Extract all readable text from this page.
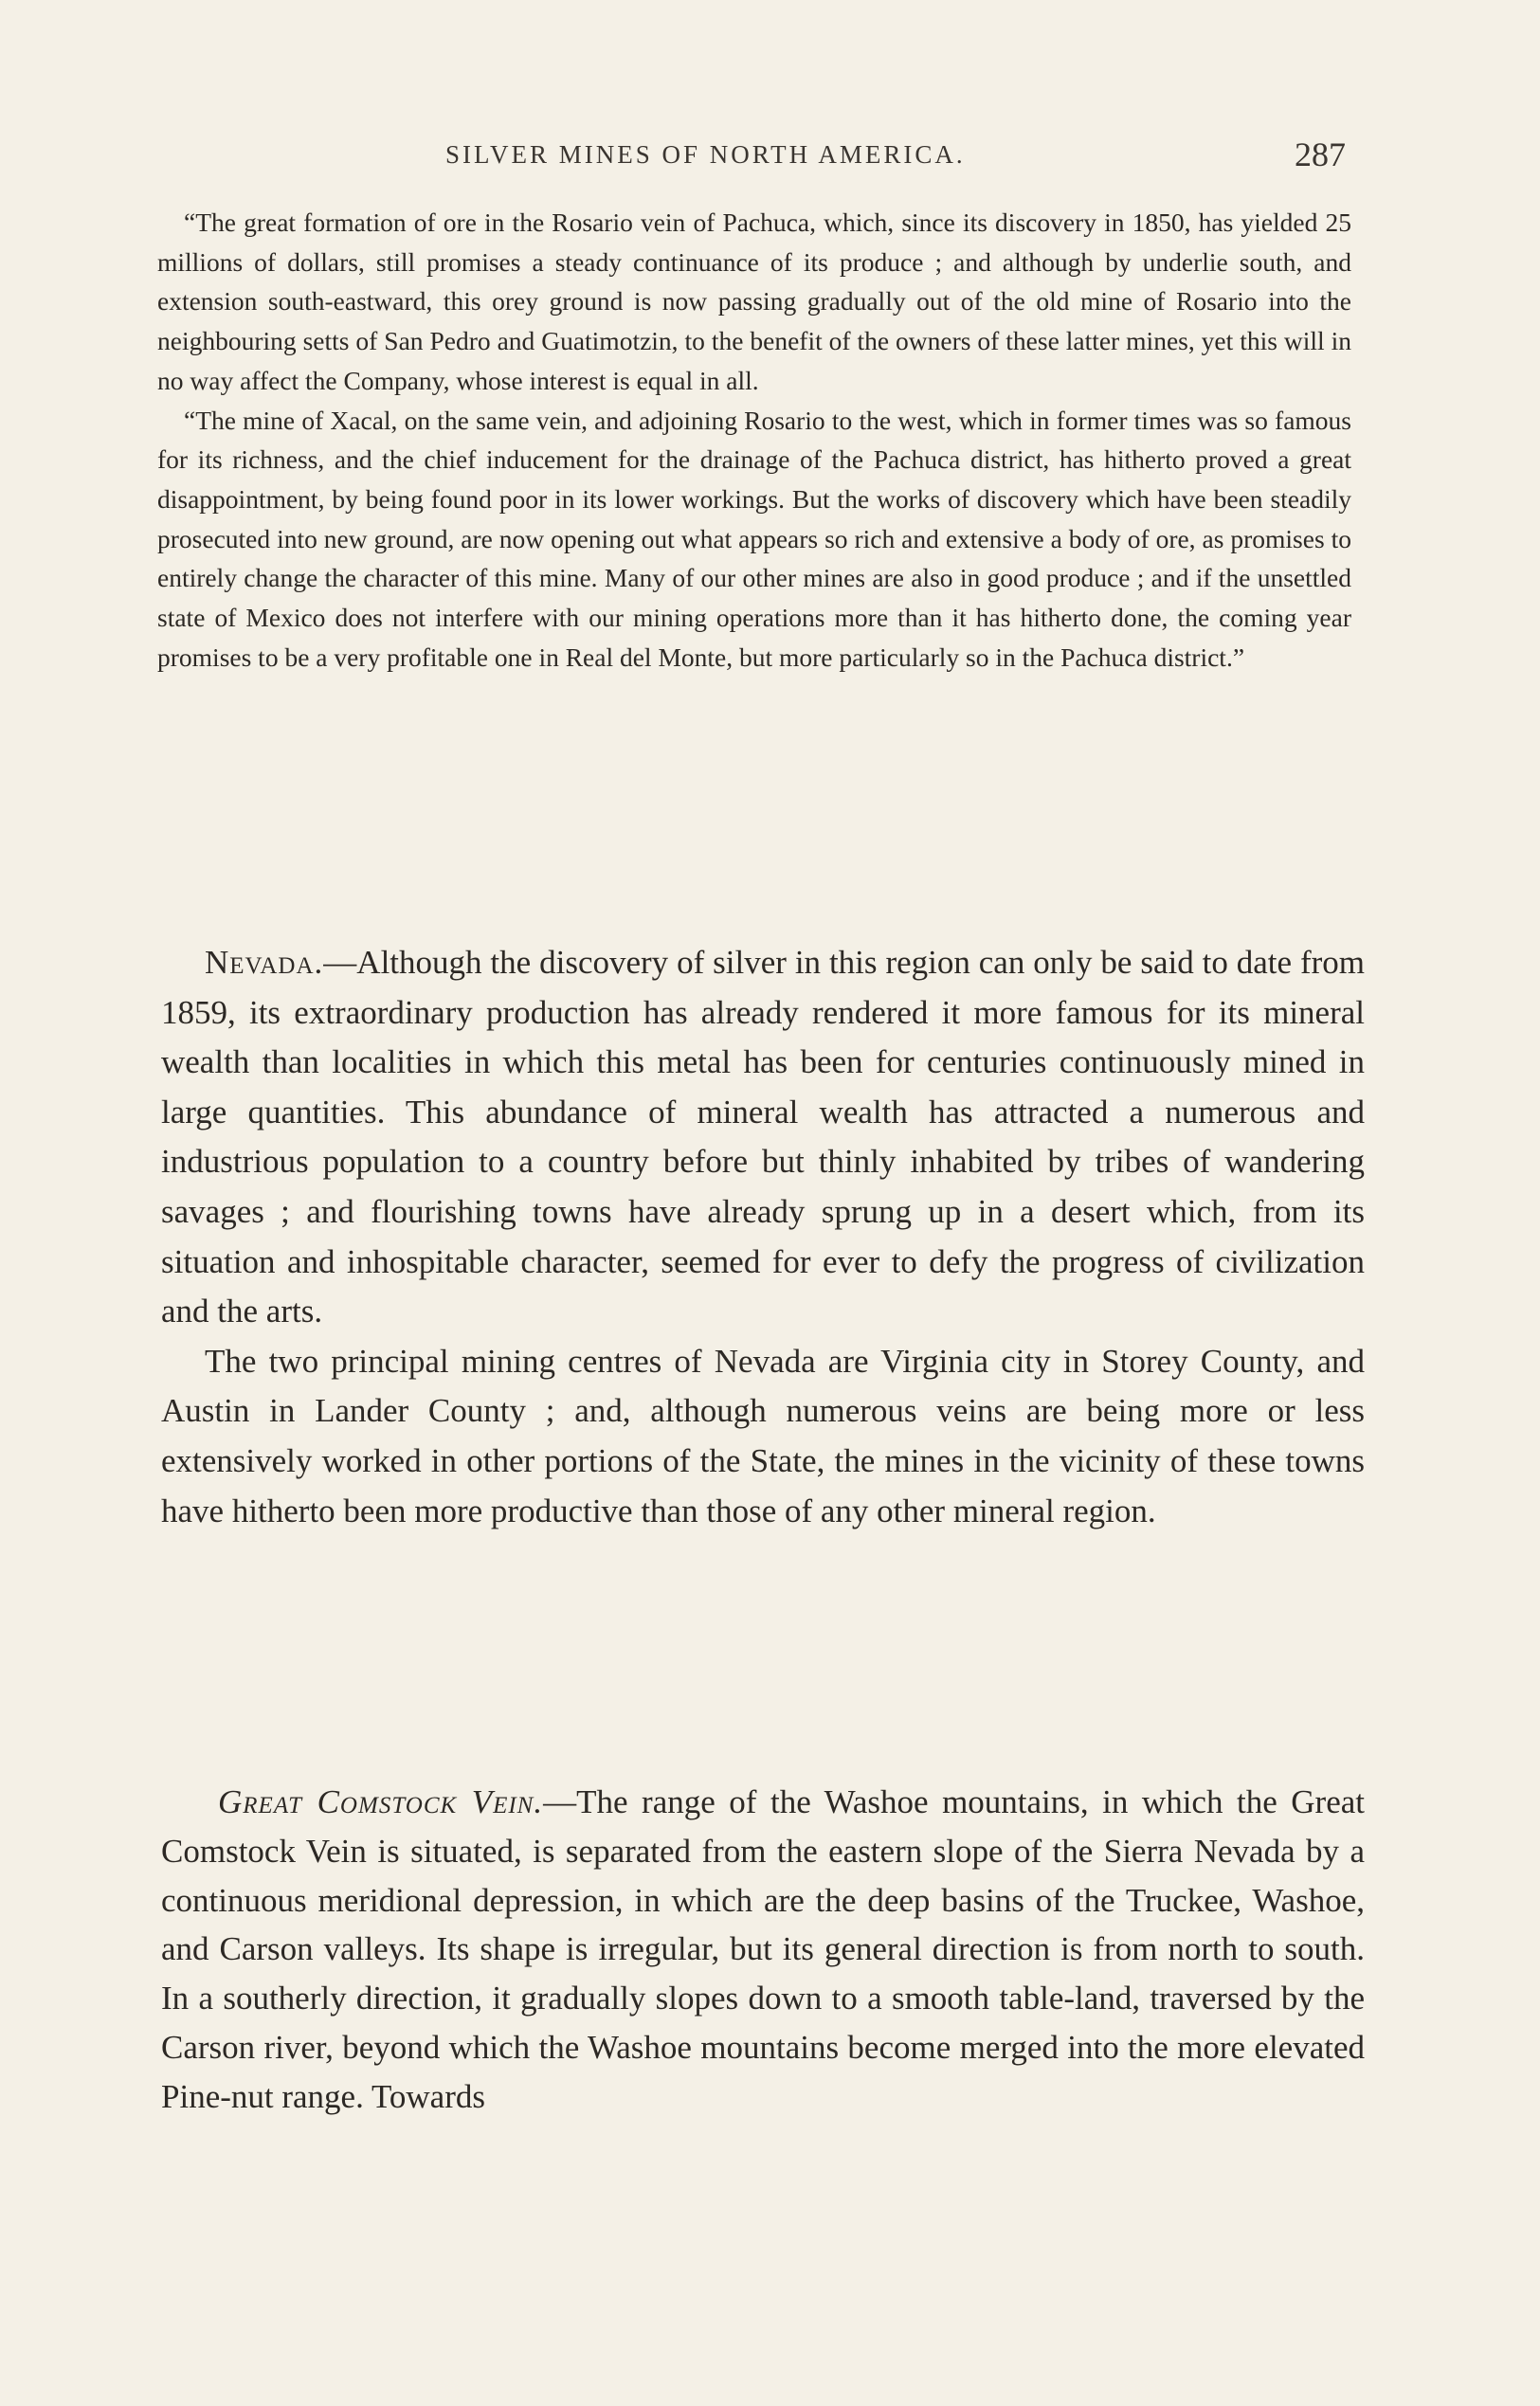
SILVER MINES OF NORTH AMERICA.	287

“The great formation of ore in the Rosario vein of Pachuca, which, since its discovery in 1850, has yielded 25 millions of dollars, still promises a steady continuance of its produce ; and although by underlie south, and extension south-eastward, this orey ground is now passing gradually out of the old mine of Rosario into the neighbouring setts of San Pedro and Guatimotzin, to the benefit of the owners of these latter mines, yet this will in no way affect the Company, whose interest is equal in all.

“The mine of Xacal, on the same vein, and adjoining Rosario to the west, which in former times was so famous for its richness, and the chief inducement for the drainage of the Pachuca district, has hitherto proved a great disappointment, by being found poor in its lower workings. But the works of discovery which have been steadily prosecuted into new ground, are now opening out what appears so rich and extensive a body of ore, as promises to entirely change the character of this mine. Many of our other mines are also in good produce ; and if the unsettled state of Mexico does not interfere with our mining operations more than it has hitherto done, the coming year promises to be a very profitable one in Real del Monte, but more particularly so in the Pachuca district.”

Nevada.—Although the discovery of silver in this region can only be said to date from 1859, its extraordinary production has already rendered it more famous for its mineral wealth than localities in which this metal has been for centuries continuously mined in large quantities. This abundance of mineral wealth has attracted a numerous and industrious population to a country before but thinly inhabited by tribes of wandering savages ; and flourishing towns have already sprung up in a desert which, from its situation and inhospitable character, seemed for ever to defy the progress of civilization and the arts.

The two principal mining centres of Nevada are Virginia city in Storey County, and Austin in Lander County ; and, although numerous veins are being more or less extensively worked in other portions of the State, the mines in the vicinity of these towns have hitherto been more productive than those of any other mineral region.

Great Comstock Vein.—The range of the Washoe mountains, in which the Great Comstock Vein is situated, is separated from the eastern slope of the Sierra Nevada by a continuous meridional depression, in which are the deep basins of the Truckee, Washoe, and Carson valleys. Its shape is irregular, but its general direction is from north to south. In a southerly direction, it gradually slopes down to a smooth table-land, traversed by the Carson river, beyond which the Washoe mountains become merged into the more elevated Pine-nut range. Towards
